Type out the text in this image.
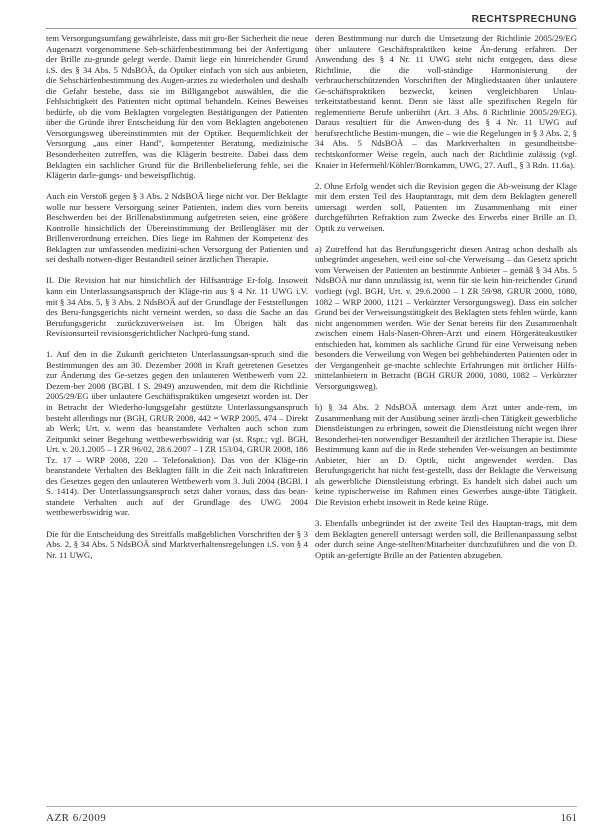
RECHTSPRECHUNG

tem Versorgungsumfang gewährleiste, dass mit gro-ßer Sicherheit die neue Augenarzt vorgenommene Seh-schärfenbestimmung bei der Anfertigung der Brille zu-grunde gelegt werde. Damit liege ein hinreichender Grund i.S. des § 34 Abs. 5 NdsBOÄ, da Optiker einfach von sich aus anbieten, die Sehschärfenbestimmung des Augen-arztes zu wiederholen und deshalb die Gefahr bestehe, dass sie im Billigangebot auswählen, die die Fehlsichtigkeit des Patienten nicht optimal behandeln. Keines Beweises bedürfe, ob die vom Beklagten vorgelegten Bestätigungen der Patienten über die Gründe ihrer Entscheidung für den vom Beklagten angebotenen Versorgungsweg übereinstimmten mit der Optiker. Bequemlichkeit der Versorgung „aus einer Hand", kompetenter Beratung, medizinische Besonderheiten zutreffen, was die Klägerin bestreite. Dabei dass dem Beklagten ein sachlicher Grund für die Brillenbelieferung fehle, sei die Klägerin darle-gungs- und beweispflichtig.

Auch ein Verstoß gegen § 3 Abs. 2 NdsBOÄ liege nicht vor. Der Beklagte wolle nur bessere Versorgung seiner Patienten, indem dies vorn bereits Beschwerden bei der Brillenabstimmung aufgetreten seien, eine größere Kontrolle hinsichtlich der Übereinstimmung der Brillengläser mit der Brillenverordnung erreichen. Dies liege im Rahmen der Kompetenz des Beklagten zur umfassenden medizini-schen Versorgung der Patienten und sei deshalb notwen-diger Bestandteil seiner ärztlichen Therapie.

II. Die Revision hat nur hinsichtlich der Hilfsanträge Er-folg. Insoweit kann ein Unterlassungsanspruch der Kläge-rin aus § 4 Nr. 11 UWG i.V. mit § 34 Abs. 5, § 3 Abs. 2 NdsBOÄ auf der Grundlage der Feststellungen des Beru-fungsgerichts nicht verneint werden, so dass die Sache an das Berufungsgericht zurückzuverweisen ist. Im Übrigen hält das Revisionsurteil revisionsgerichtlicher Nachprü-fung stand.

1. Auf den in die Zukunft gerichteten Unterlassungsan-spruch sind die Bestimmungen des am 30. Dezember 2008 in Kraft getretenen Gesetzes zur Änderung des Ge-setzes gegen den unlauteren Wettbewerb vom 22. Dezem-ber 2008 (BGBl. I S. 2949) anzuwenden, mit dem die Richtlinie 2005/29/EG über unlautere Geschäftspraktiken umgesetzt worden ist. Der in Betracht der Wiederho-lungsgefahr gestützte Unterlassungsanspruch besteht allerdings nur (BGH, GRUR 2008, 442 = WRP 2005, 474 – Direkt ab Werk; Urt. v. wenn das beanstandete Verhalten auch schon zum Zeitpunkt seiner Begehung wettbewerbswidrig war (st. Rspr.; vgl. BGH, Urt. v. 20.1.2005 – I ZR 96/02, 28.6.2007 – I ZR 153/04, GRUR 2008, 186 Tz. 17 – WRP 2008, 220 – Telefonaktion). Das von der Kläge-rin beanstandete Verhalten des Beklagten fällt in die Zeit nach Inkrafttreten des Gesetzes gegen den unlauteren Wettbewerb vom 3. Juli 2004 (BGBl. I S. 1414). Der Unterlassungsanspruch setzt daher voraus, dass das bean-standete Verhalten auch auf der Grundlage des UWG 2004 wettbewerbswidrig war.

Die für die Entscheidung des Streitfalls maßgeblichen Vorschriften der § 3 Abs. 2, § 34 Abs. 5 NdsBOÄ sind Marktverhaltensregelungen i.S. von § 4 Nr. 11 UWG,

deren Bestimmung nur durch die Umsetzung der Richtlinie 2005/29/EG über unlautere Geschäftspraktiken keine Än-derung erfahren. Der Anwendung des § 4 Nr. 11 UWG steht nicht entgegen, dass diese Richtlinie, die die voll-ständige Harmonisierung der verbraucherschützenden Vorschriften der Mitgliedstaaten über unlautere Ge-schäftspraktiken bezweckt, keinen vergleichbaren Unlau-terkeitstatbestand kennt. Denn sie lässt alle spezifischen Regeln für reglementierte Berufe unberührt (Art. 3 Abs. 8 Richtlinie 2005/29/EG). Daraus resultiert für die Anwen-dung des § 4 Nr. 11 UWG auf berufsrechtliche Bestim-mungen, die – wie die Regelungen in § 3 Abs. 2, § 34 Abs. 5 NdsBOÄ – das Marktverhalten in gesundheitsbe-rechtskonformer Weise regeln, auch nach der Richtlinie zulässig (vgl. Knaier in Hefermehl/Köhler/Bornkamm, UWG, 27. Aufl., § 3 Rdn. 11.6a).

2. Ohne Erfolg wendet sich die Revision gegen die Ab-weisung der Klage mit dem ersten Teil des Hauptantrags, mit dem dem Beklagten generell untersagt werden soll, Patienten im Zusammenhang mit einer durchgeführten Refraktion zum Zwecke des Erwerbs einer Brille an D. Optik zu verweisen.

a) Zutreffend hat das Berufungsgericht diesen Antrag schon deshalb als unbegründet angesehen, weil eine sol-che Verweisung – das Gesetz spricht vom Verweisen der Patienten an bestimmte Anbieter – gemäß § 34 Abs. 5 NdsBOÄ nur dann unzulässig ist, wenn für sie kein hin-reichender Grund vorliegt (vgl. BGH, Urt. v. 29.6.2000 – I ZR 59/98, GRUR 2000, 1080, 1082 – WRP 2000, 1121 – Verkürzter Versorgungsweg). Dass ein solcher Grund bei der Verweisungstätigkeit des Beklagten stets fehlen würde, kann nicht angenommen werden. Wie der Senat bereits für den Zusammenhalt zwischen einem Hals-Nasen-Ohren-Arzt und einem Hörgeräteakustiker entschieden hat, kommen als sachliche Grund für eine Verweisung neben besonders die Verweilung von Wegen bei gehbehinderten Patienten oder in der Vergangenheit ge-machte schlechte Erfahrungen mit örtlicher Hilfs-mittelanbietern in Betracht (BGH GRUR 2000, 1080, 1082 – Verkürzter Versorgungsweg).

b) § 34 Abs. 2 NdsBOÄ untersagt dem Arzt unter ande-rem, im Zusammenhang mit der Ausübung seiner ärztli-chen Tätigkeit gewerbliche Dienstleistungen zu erbringen, soweit die Dienstleistung nicht wegen ihrer Besonderhei-ten notwendiger Bestandteil der ärztlichen Therapie ist. Diese Bestimmung kann auf die in Rede stehenden Ver-weisungen an bestimmte Anbieter, hier an D. Optik, nicht angewendet werden. Das Berufungsgericht hat nicht fest-gestellt, dass der Beklagte die Verweisung als gewerbliche Dienstleistung erbringt. Es handelt sich dabei auch um keine typischerweise im Rahmen eines Gewerbes ausge-übte Tätigkeit. Die Revision erhebt insoweit in Rede keine Rüge.

3. Ebenfalls unbegründet ist der zweite Teil des Hauptan-trags, mit dem dem Beklagten generell untersagt werden soll, die Brillenanpassung selbst oder durch seine Ange-stellten/Mitarbeiter durchzuführen und die von D. Optik an-gefertigte Brille an der Patienten abzugeben.

AZR 6/2009	161
